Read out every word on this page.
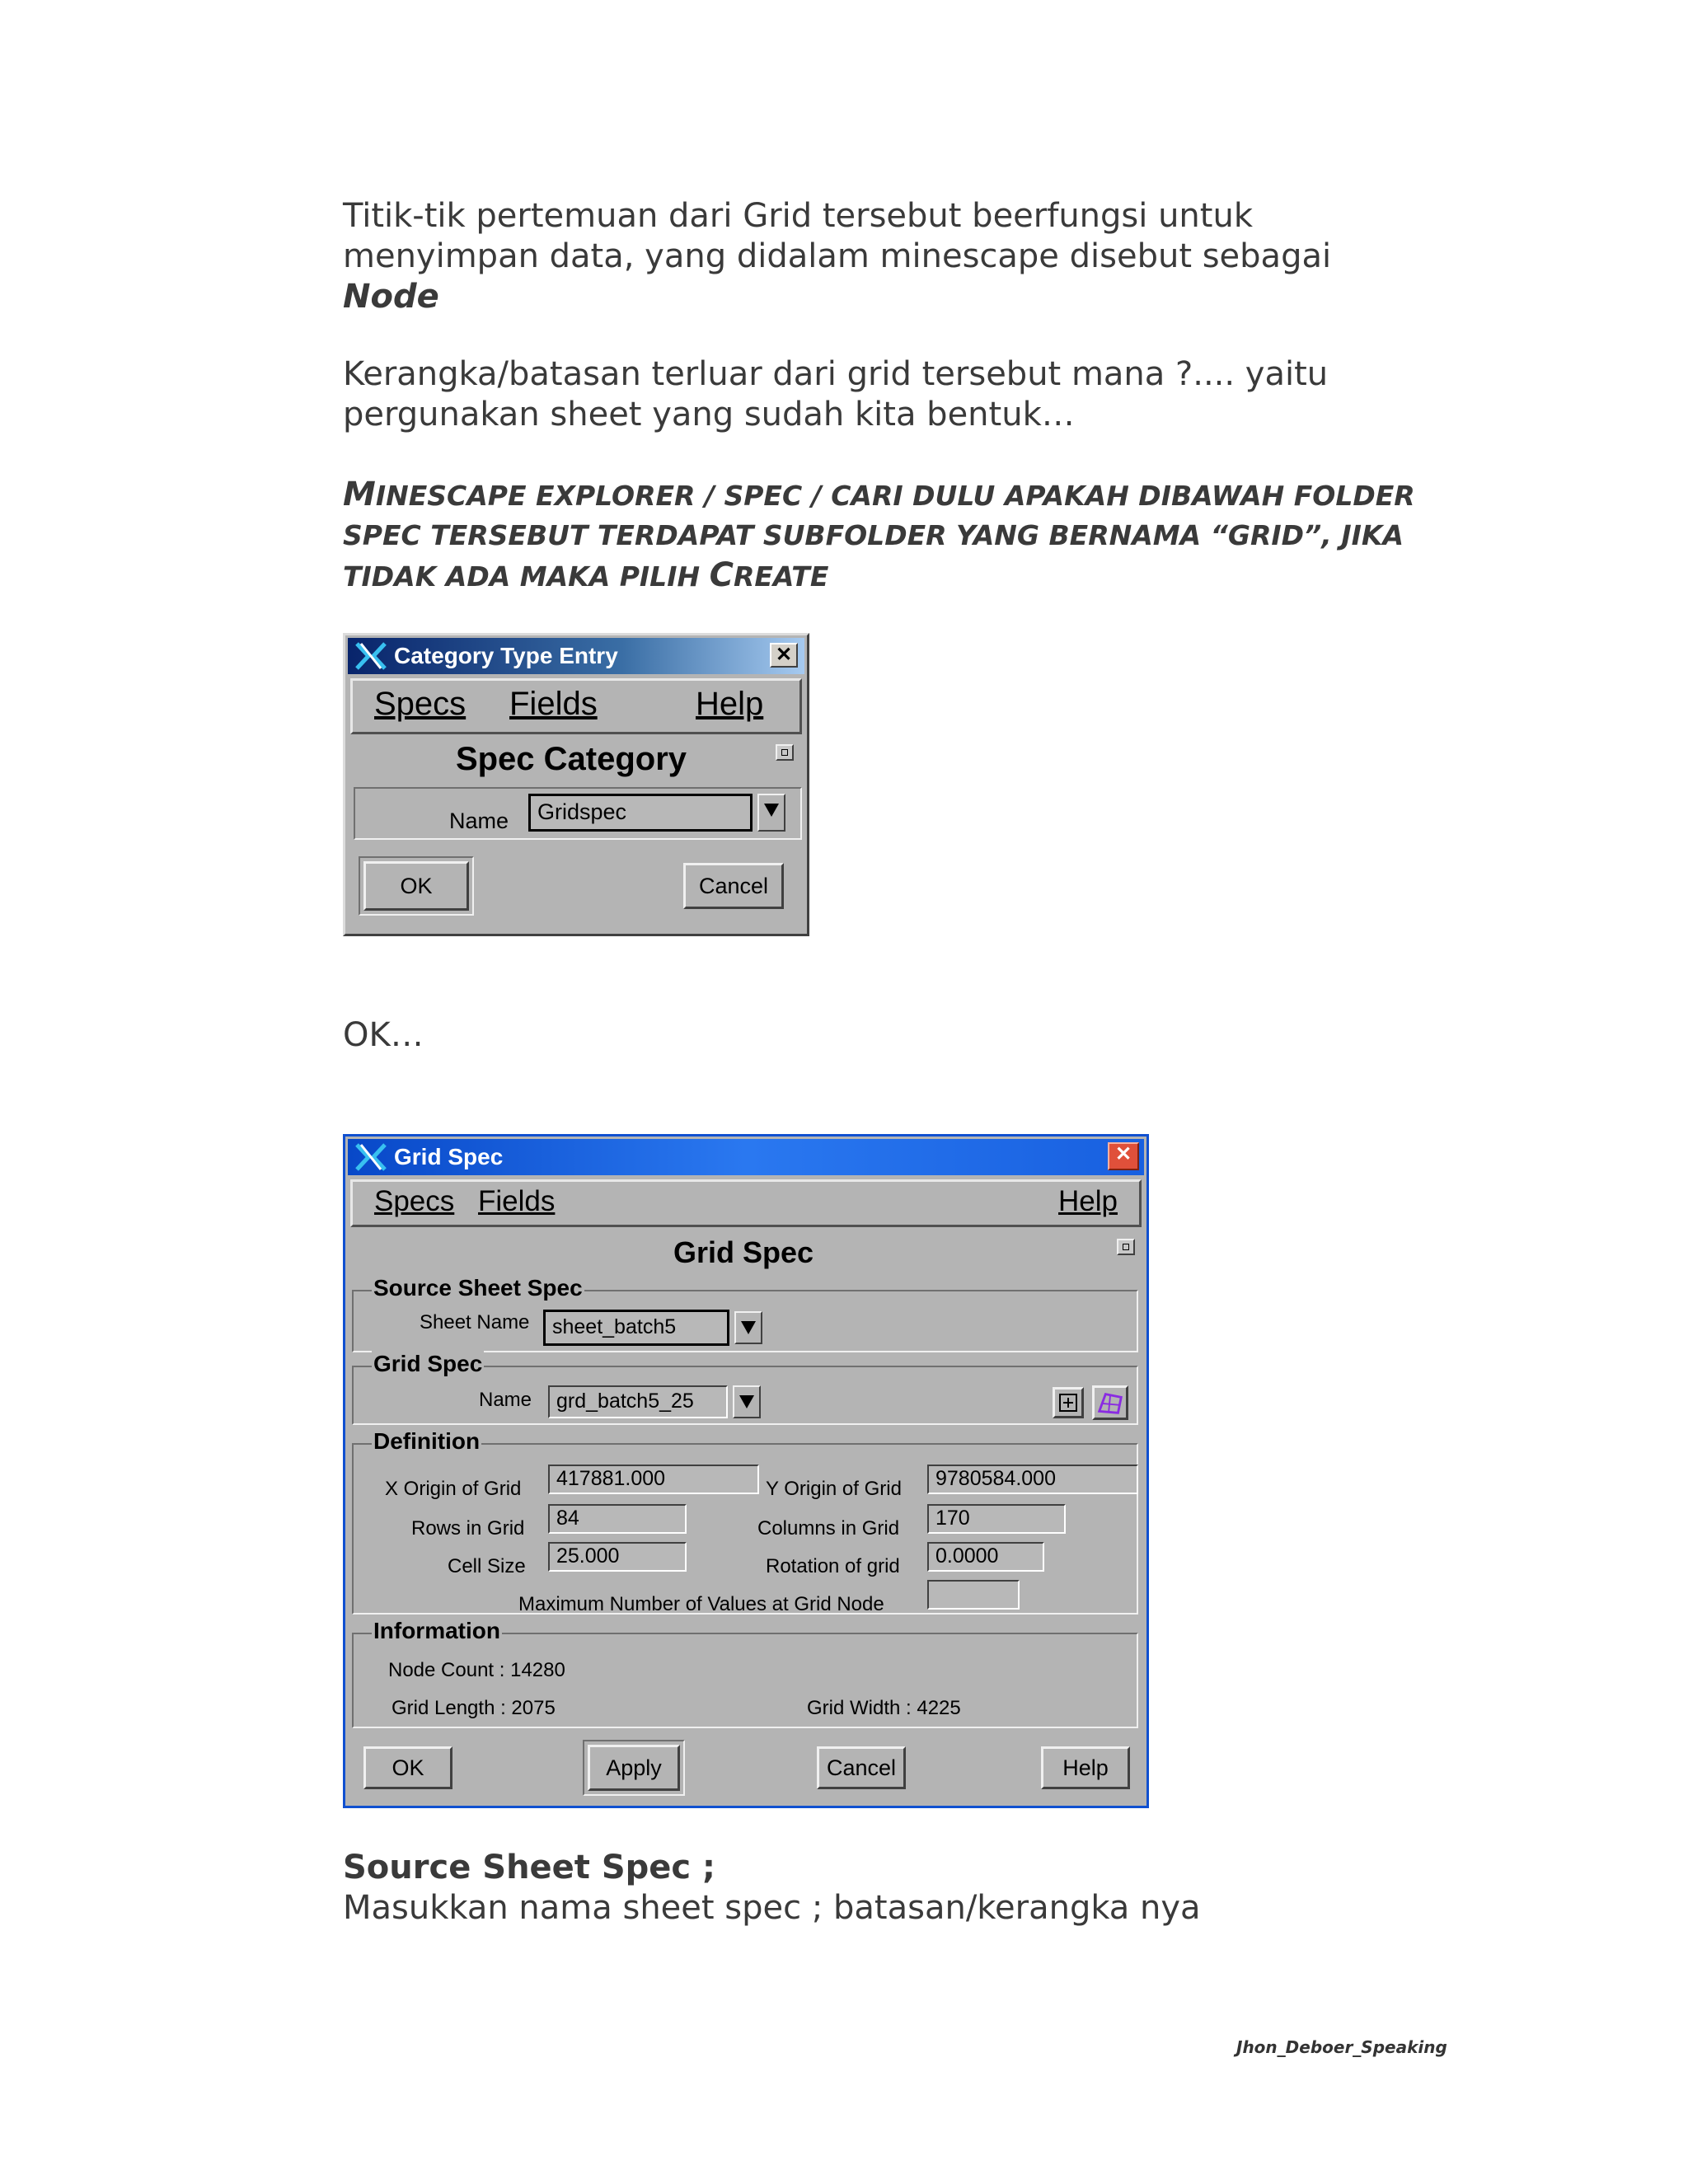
Titik-tik pertemuan dari Grid tersebut beerfungsi untuk
menyimpan data, yang didalam minescape disebut sebagai
Node
Kerangka/batasan terluar dari grid tersebut mana ?.... yaitu
pergunakan sheet yang sudah kita bentuk…
MINESCAPE EXPLORER / SPEC / CARI DULU APAKAH DIBAWAH FOLDER
SPEC TERSEBUT TERDAPAT SUBFOLDER YANG BERNAMA “GRID”, JIKA
TIDAK ADA MAKA PILIH CREATE
Category Type Entry	✕
Specs Fields	Help
Spec Category
Name	Gridspec
OK	Cancel
OK…
Grid Spec	✕
Specs Fields	Help
Grid Spec
Source Sheet Spec
Sheet Name	sheet_batch5
Grid Spec
Name	grd_batch5_25
Definition
X Origin of Grid	417881.000	Y Origin of Grid	9780584.000
Rows in Grid	84	Columns in Grid	170
Cell Size	25.000	Rotation of grid	0.0000
Maximum Number of Values at Grid Node
Information
Node Count : 14280
Grid Length : 2075	Grid Width : 4225
OK	Apply	Cancel	Help
Source Sheet Spec ;
Masukkan nama sheet spec ; batasan/kerangka nya
Jhon_Deboer_Speaking
